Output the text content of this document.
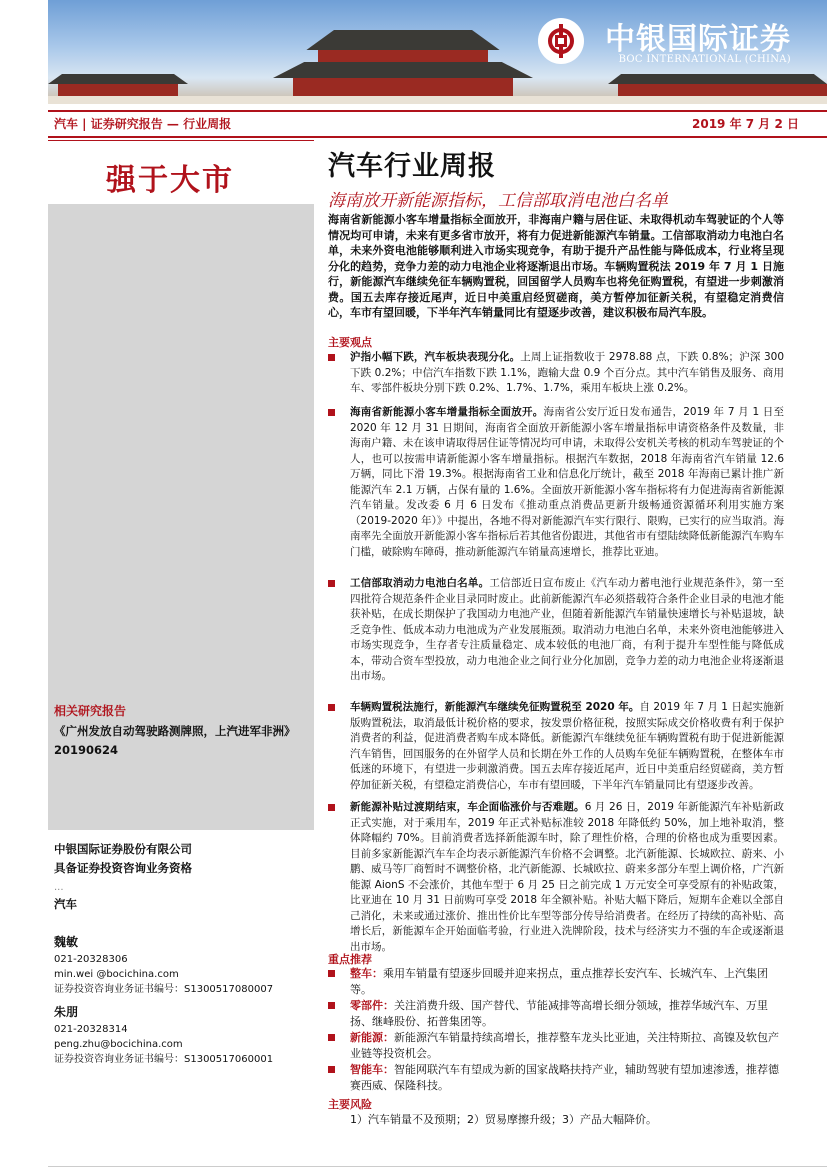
中银国际证券
BOC INTERNATIONAL (CHINA)
汽车 | 证券研究报告 — 行业周报	2019 年 7 月 2 日
强于大市
相关研究报告
《广州发放自动驾驶路测牌照，上汽进军非洲》20190624
中银国际证券股份有限公司
具备证券投资咨询业务资格
...
汽车
魏敏
021-20328306
min.wei @bocichina.com
证券投资咨询业务证书编号：S1300517080007
朱朋
021-20328314
peng.zhu@bocichina.com
证券投资咨询业务证书编号：S1300517060001
汽车行业周报
海南放开新能源指标，工信部取消电池白名单
海南省新能源小客车增量指标全面放开，非海南户籍与居住证、未取得机动车驾驶证的个人等情况均可申请，未来有更多省市放开，将有力促进新能源汽车销量。工信部取消动力电池白名单，未来外资电池能够顺利进入市场实现竞争，有助于提升产品性能与降低成本，行业将呈现分化的趋势，竞争力差的动力电池企业将逐渐退出市场。车辆购置税法 2019 年 7 月 1 日施行，新能源汽车继续免征车辆购置税，回国留学人员购车也将免征购置税，有望进一步刺激消费。国五去库存接近尾声，近日中美重启经贸磋商，美方暂停加征新关税，有望稳定消费信心，车市有望回暖，下半年汽车销量同比有望逐步改善，建议积极布局汽车股。
主要观点
沪指小幅下跌，汽车板块表现分化。上周上证指数收于 2978.88 点，下跌 0.8%；沪深 300 下跌 0.2%；中信汽车指数下跌 1.1%，跑输大盘 0.9 个百分点。其中汽车销售及服务、商用车、零部件板块分别下跌 0.2%、1.7%、1.7%，乘用车板块上涨 0.2%。
海南省新能源小客车增量指标全面放开。海南省公安厅近日发布通告，2019 年 7 月 1 日至 2020 年 12 月 31 日期间，海南省全面放开新能源小客车增量指标申请资格条件及数量，非海南户籍、未在该申请取得居住证等情况均可申请，未取得公安机关考核的机动车驾驶证的个人，也可以按需申请新能源小客车增量指标。根据汽车数据，2018 年海南省汽车销量 12.6 万辆，同比下滑 19.3%。根据海南省工业和信息化厅统计，截至 2018 年海南已累计推广新能源汽车 2.1 万辆，占保有量的 1.6%。全面放开新能源小客车指标将有力促进海南省新能源汽车销量。发改委 6 月 6 日发布《推动重点消费品更新升级畅通资源循环利用实施方案（2019-2020 年）》中提出，各地不得对新能源汽车实行限行、限购，已实行的应当取消。海南率先全面放开新能源小客车指标后若其他省份跟进，其他省市有望陆续降低新能源汽车购车门槛，破除购车障碍，推动新能源汽车销量高速增长，推荐比亚迪。
工信部取消动力电池白名单。工信部近日宣布废止《汽车动力蓄电池行业规范条件》，第一至四批符合规范条件企业目录同时废止。此前新能源汽车必须搭载符合条件企业目录的电池才能获补贴，在成长期保护了我国动力电池产业，但随着新能源汽车销量快速增长与补贴退坡，缺乏竞争性、低成本动力电池成为产业发展瓶颈。取消动力电池白名单，未来外资电池能够进入市场实现竞争，生存者专注质量稳定、成本较低的电池厂商，有利于提升车型性能与降低成本，带动合资车型投放，动力电池企业之间行业分化加剧，竞争力差的动力电池企业将逐渐退出市场。
车辆购置税法施行，新能源汽车继续免征购置税至 2020 年。自 2019 年 7 月 1 日起实施新版购置税法，取消最低计税价格的要求，按发票价格征税，按照实际成交价格收费有利于保护消费者的利益，促进消费者购车成本降低。新能源汽车继续免征车辆购置税有助于促进新能源汽车销售，回国服务的在外留学人员和长期在外工作的人员购车免征车辆购置税，在整体车市低迷的环境下，有望进一步刺激消费。国五去库存接近尾声，近日中美重启经贸磋商，美方暂停加征新关税，有望稳定消费信心，车市有望回暖，下半年汽车销量同比有望逐步改善。
新能源补贴过渡期结束，车企面临涨价与否难题。6 月 26 日，2019 年新能源汽车补贴新政正式实施，对于乘用车，2019 年正式补贴标准较 2018 年降低约 50%，加上地补取消，整体降幅约 70%。目前消费者选择新能源车时，除了理性价格，合理的价格也成为重要因素。目前多家新能源汽车车企均表示新能源汽车价格不会调整。北汽新能源、长城欧拉、蔚来、小鹏、威马等厂商暂时不调整价格，北汽新能源、长城欧拉、蔚来多部分车型上调价格，广汽新能源 AionS 不会涨价，其他车型于 6 月 25 日之前完成 1 万元安全可享受原有的补贴政策，比亚迪在 10 月 31 日前购可享受 2018 年全额补贴。补贴大幅下降后，短期车企难以全部自己消化，未来或通过涨价、推出性价比车型等部分传导给消费者。在经历了持续的高补贴、高增长后，新能源车企开始面临考验，行业进入洗牌阶段，技术与经济实力不强的车企或逐渐退出市场。
重点推荐
整车：乘用车销量有望逐步回暖并迎来拐点，重点推荐长安汽车、长城汽车、上汽集团等。
零部件：关注消费升级、国产替代、节能减排等高增长细分领域，推荐华域汽车、万里扬、继峰股份、拓普集团等。
新能源：新能源汽车销量持续高增长，推荐整车龙头比亚迪，关注特斯拉、高镍及软包产业链等投资机会。
智能车：智能网联汽车有望成为新的国家战略扶持产业，辅助驾驶有望加速渗透，推荐德赛西威、保隆科技。
主要风险
1）汽车销量不及预期；2）贸易摩擦升级；3）产品大幅降价。
